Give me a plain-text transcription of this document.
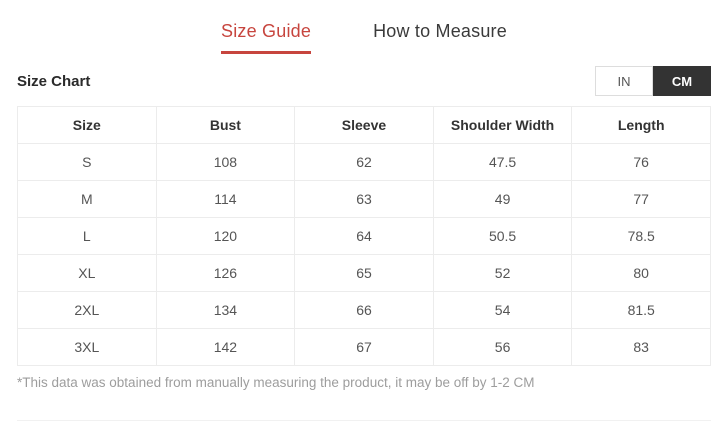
Size Guide	How to Measure
Size Chart	IN	CM
Size	Bust	Sleeve	Shoulder Width	Length
S	108	62	47.5	76
M	114	63	49	77
L	120	64	50.5	78.5
XL	126	65	52	80
2XL	134	66	54	81.5
3XL	142	67	56	83
*This data was obtained from manually measuring the product, it may be off by 1-2 CM
